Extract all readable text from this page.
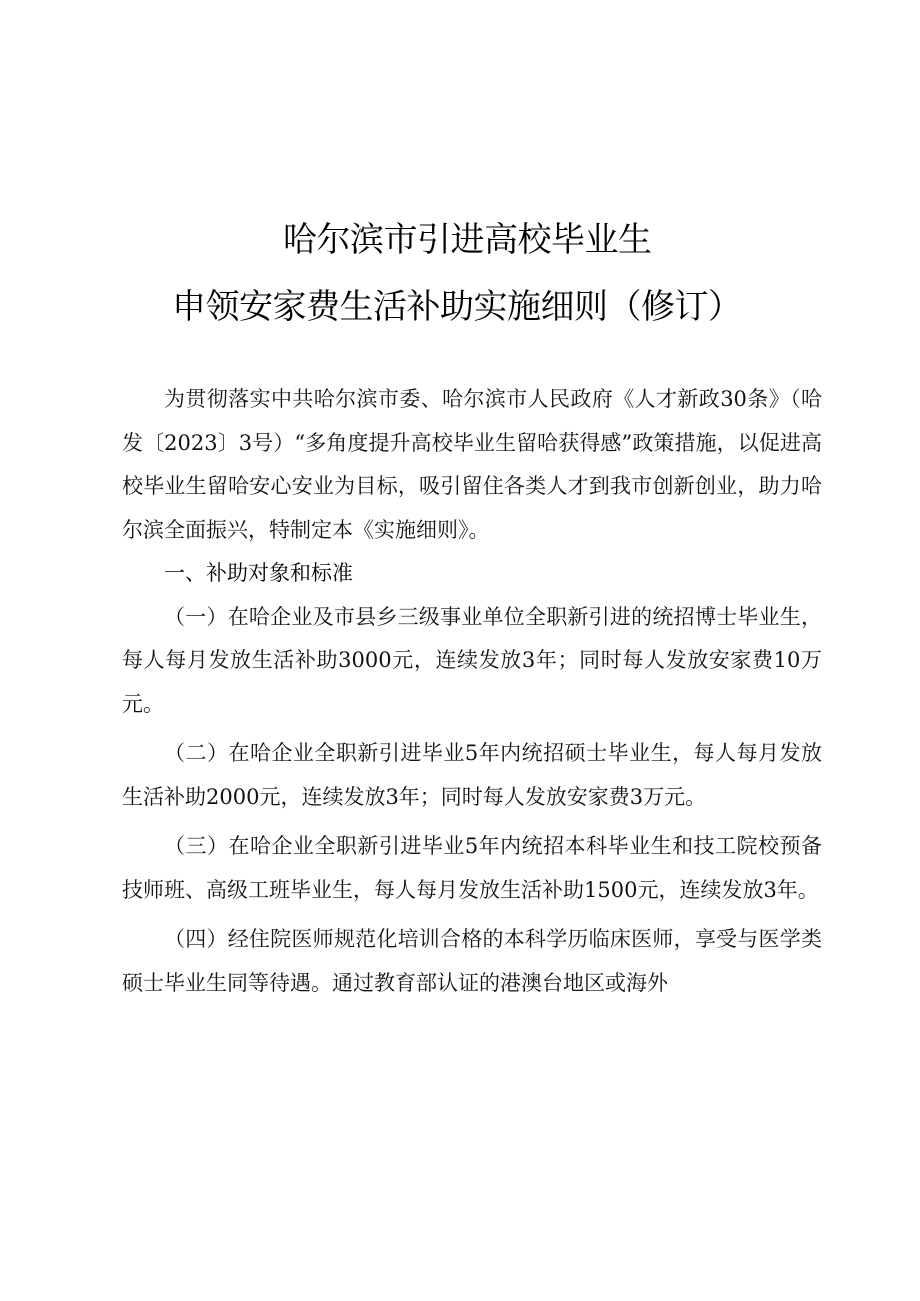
哈尔滨市引进高校毕业生
申领安家费生活补助实施细则（修订）

为贯彻落实中共哈尔滨市委、哈尔滨市人民政府《人才新政30条》（哈发〔2023〕3号）“多角度提升高校毕业生留哈获得感”政策措施，以促进高校毕业生留哈安心安业为目标，吸引留住各类人才到我市创新创业，助力哈尔滨全面振兴，特制定本《实施细则》。

一、补助对象和标准

（一）在哈企业及市县乡三级事业单位全职新引进的统招博士毕业生，每人每月发放生活补助3000元，连续发放3年；同时每人发放安家费10万元。

（二）在哈企业全职新引进毕业5年内统招硕士毕业生，每人每月发放生活补助2000元，连续发放3年；同时每人发放安家费3万元。

（三）在哈企业全职新引进毕业5年内统招本科毕业生和技工院校预备技师班、高级工班毕业生，每人每月发放生活补助1500元，连续发放3年。

（四）经住院医师规范化培训合格的本科学历临床医师，享受与医学类硕士毕业生同等待遇。通过教育部认证的港澳台地区或海外
